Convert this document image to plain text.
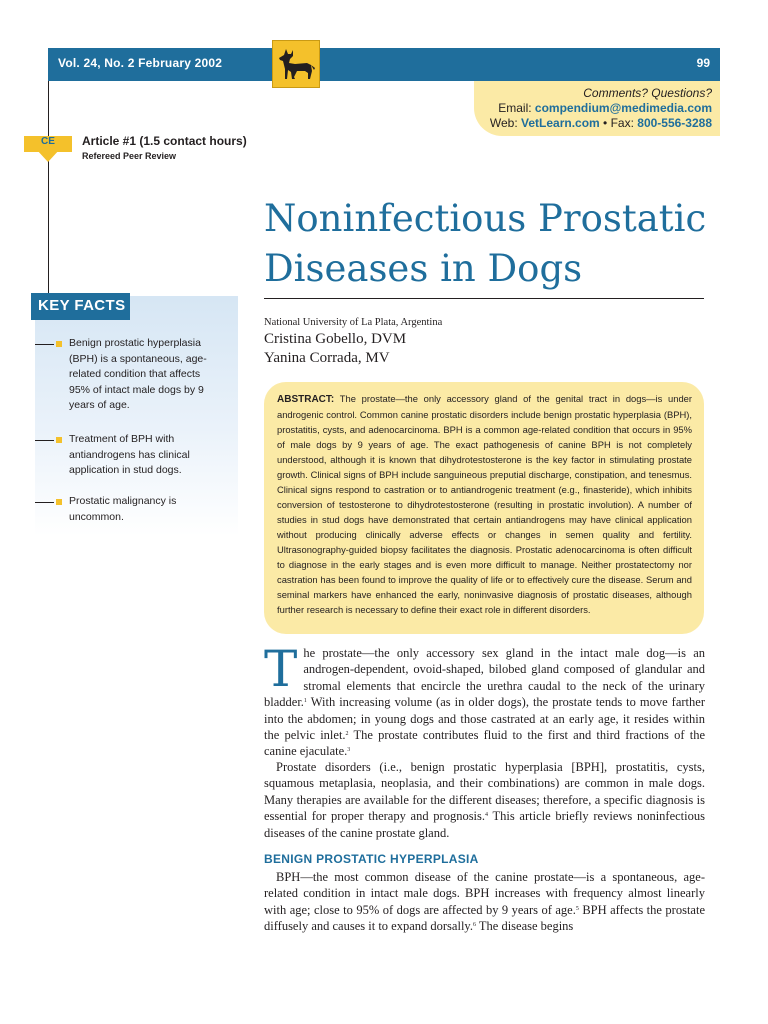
Vol. 24, No. 2 February 2002	99
Comments? Questions?
Email: compendium@medimedia.com
Web: VetLearn.com • Fax: 800-556-3288
CE	Article #1 (1.5 contact hours)
Refereed Peer Review
KEY FACTS
Benign prostatic hyperplasia (BPH) is a spontaneous, age-related condition that affects 95% of intact male dogs by 9 years of age.
Treatment of BPH with antiandrogens has clinical application in stud dogs.
Prostatic malignancy is uncommon.
Noninfectious Prostatic Diseases in Dogs
National University of La Plata, Argentina
Cristina Gobello, DVM
Yanina Corrada, MV
ABSTRACT: The prostate—the only accessory gland of the genital tract in dogs—is under androgenic control. Common canine prostatic disorders include benign prostatic hyperplasia (BPH), prostatitis, cysts, and adenocarcinoma. BPH is a common age-related condition that occurs in 95% of male dogs by 9 years of age. The exact pathogenesis of canine BPH is not completely understood, although it is known that dihydrotestosterone is the key factor in stimulating prostate growth. Clinical signs of BPH include sanguineous preputial discharge, constipation, and tenesmus. Clinical signs respond to castration or to antiandrogenic treatment (e.g., finasteride), which inhibits conversion of testosterone to dihydrotestosterone (resulting in prostatic involution). A number of studies in stud dogs have demonstrated that certain antiandrogens may have clinical application without producing clinically adverse effects or changes in semen quality and fertility. Ultrasonography-guided biopsy facilitates the diagnosis. Prostatic adenocarcinoma is often difficult to diagnose in the early stages and is even more difficult to manage. Neither prostatectomy nor castration has been found to improve the quality of life or to effectively cure the disease. Serum and seminal markers have enhanced the early, noninvasive diagnosis of prostatic diseases, although further research is necessary to define their exact role in different disorders.

The prostate—the only accessory sex gland in the intact male dog—is an androgen-dependent, ovoid-shaped, bilobed gland composed of glandular and stromal elements that encircle the urethra caudal to the neck of the urinary bladder.$^1$ With increasing volume (as in older dogs), the prostate tends to move farther into the abdomen; in young dogs and those castrated at an early age, it resides within the pelvic inlet.$^2$ The prostate contributes fluid to the first and third fractions of the canine ejaculate.$^3$

Prostate disorders (i.e., benign prostatic hyperplasia [BPH], prostatitis, cysts, squamous metaplasia, neoplasia, and their combinations) are common in male dogs. Many therapies are available for the different diseases; therefore, a specific diagnosis is essential for proper therapy and prognosis.$^4$ This article briefly reviews noninfectious diseases of the canine prostate gland.

BENIGN PROSTATIC HYPERPLASIA

BPH—the most common disease of the canine prostate—is a spontaneous, age-related condition in intact male dogs. BPH increases with frequency almost linearly with age; close to 95% of dogs are affected by 9 years of age.$^5$ BPH affects the prostate diffusely and causes it to expand dorsally.$^6$ The disease begins
